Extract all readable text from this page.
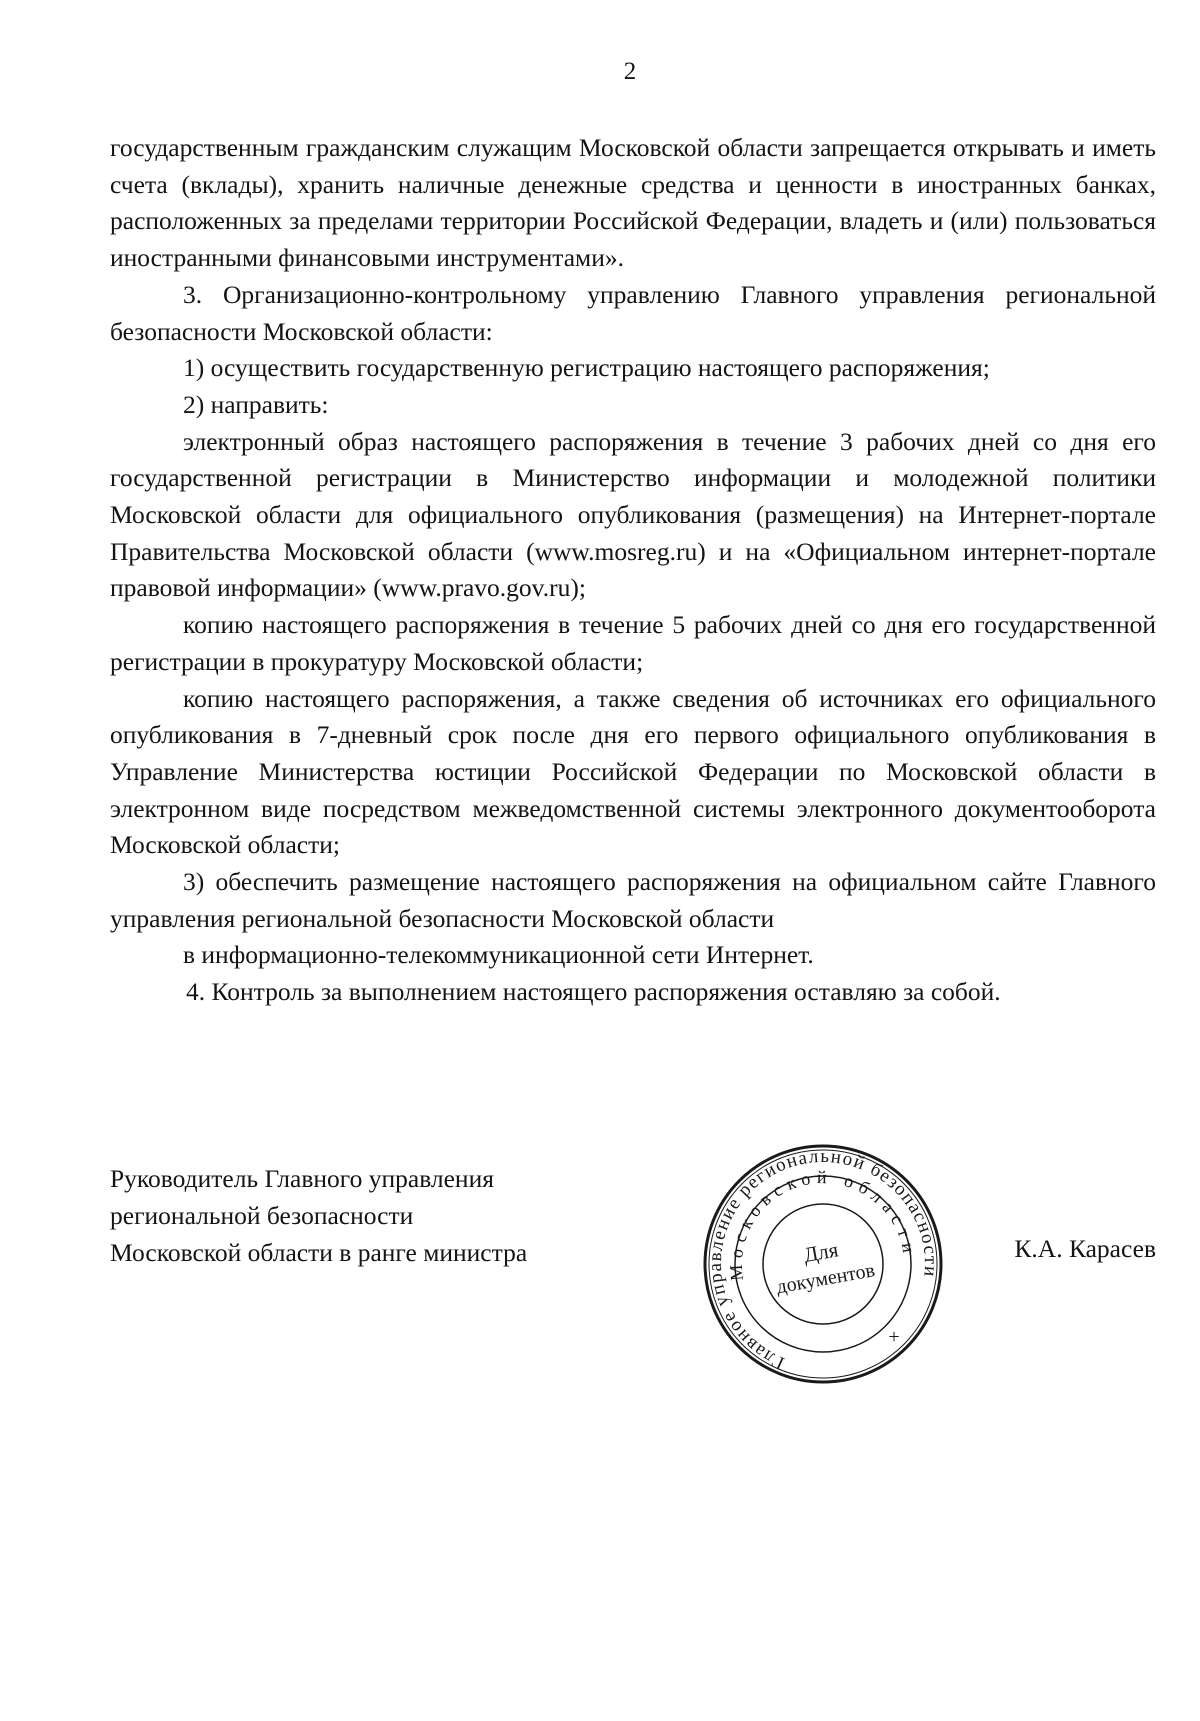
2

государственным гражданским служащим Московской области запрещается открывать и иметь счета (вклады), хранить наличные денежные средства и ценности в иностранных банках, расположенных за пределами территории Российской Федерации, владеть и (или) пользоваться иностранными финансовыми инструментами».

3. Организационно-контрольному управлению Главного управления региональной безопасности Московской области:

1) осуществить государственную регистрацию настоящего распоряжения;

2) направить:

электронный образ настоящего распоряжения в течение 3 рабочих дней со дня его государственной регистрации в Министерство информации и молодежной политики Московской области для официального опубликования (размещения) на Интернет-портале Правительства Московской области (www.mosreg.ru) и на «Официальном интернет-портале правовой информации» (www.pravo.gov.ru);

копию настоящего распоряжения в течение 5 рабочих дней со дня его государственной регистрации в прокуратуру Московской области;

копию настоящего распоряжения, а также сведения об источниках его официального опубликования в 7-дневный срок после дня его первого официального опубликования в Управление Министерства юстиции Российской Федерации по Московской области в электронном виде посредством межведомственной системы электронного документооборота Московской области;

3) обеспечить размещение настоящего распоряжения на официальном сайте Главного управления региональной безопасности Московской области

в информационно-телекоммуникационной сети Интернет.

4. Контроль за выполнением настоящего распоряжения оставляю за собой.

Руководитель Главного управления
региональной безопасности
Московской области в ранге министра
Главное управление региональной безопасности
Московской области
Для
документов
+
К.А. Карасев
